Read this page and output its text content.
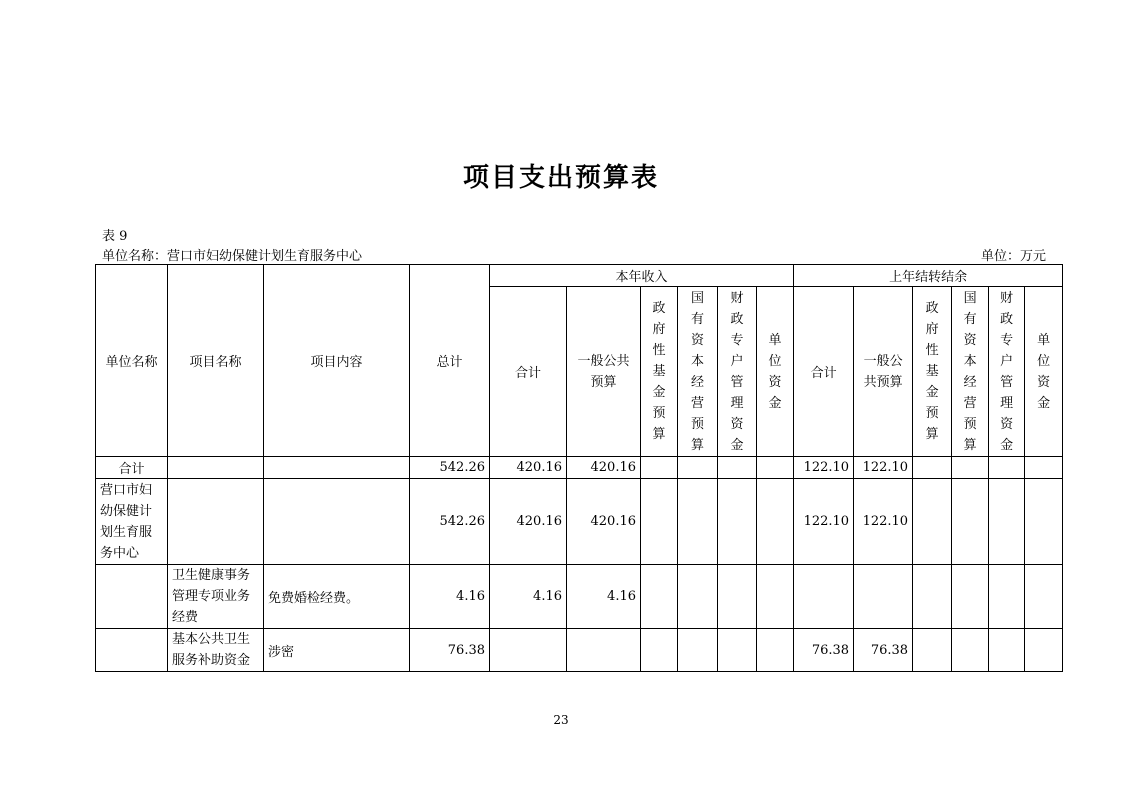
项目支出预算表
表 9
单位名称：营口市妇幼保健计划生育服务中心	单位：万元
单位名称	项目名称	项目内容	总计	本年收入						上年结转结余					
				合计	一般公共预算	政府性基金预算	国有资本经营预算	财政专户管理资金	单位资金	合计	一般公共预算	政府性基金预算	国有资本经营预算	财政专户管理资金	单位资金
合计			542.26	420.16	420.16					122.10	122.10				
营口市妇幼保健计划生育服务中心			542.26	420.16	420.16					122.10	122.10				
	卫生健康事务管理专项业务经费	免费婚检经费。	4.16	4.16	4.16										
	基本公共卫生服务补助资金	涉密	76.38							76.38	76.38				
23
